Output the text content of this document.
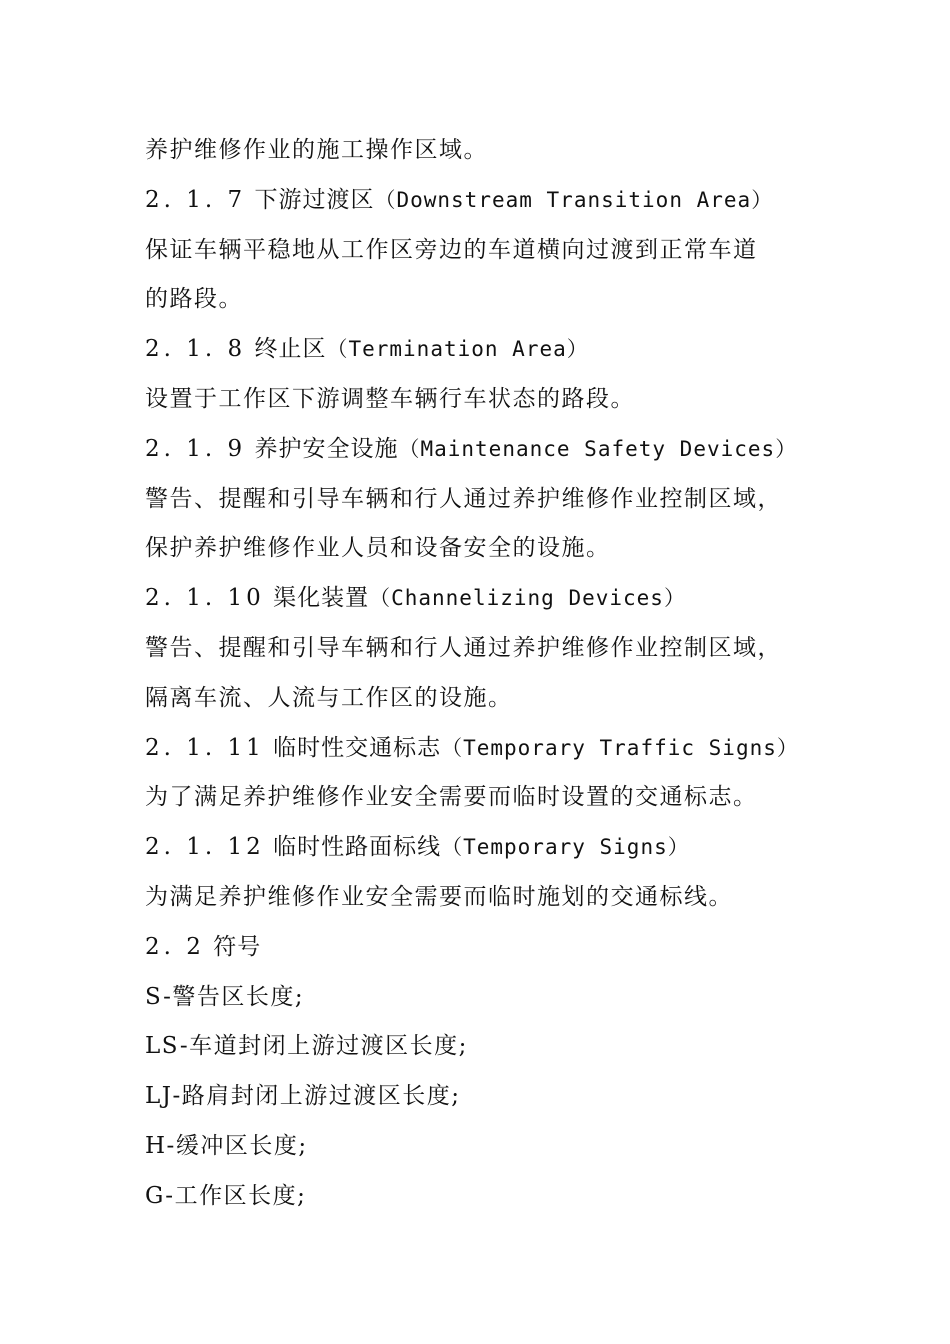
养护维修作业的施工操作区域。
2. 1. 7 下游过渡区（Downstream Transition Area）
保证车辆平稳地从工作区旁边的车道横向过渡到正常车道
的路段。
2. 1. 8 终止区（Termination Area）
设置于工作区下游调整车辆行车状态的路段。
2. 1. 9 养护安全设施（Maintenance Safety Devices）
警告、提醒和引导车辆和行人通过养护维修作业控制区域，
保护养护维修作业人员和设备安全的设施。
2. 1. 10 渠化装置（Channelizing Devices）
警告、提醒和引导车辆和行人通过养护维修作业控制区域，
隔离车流、人流与工作区的设施。
2. 1. 11 临时性交通标志（Temporary Traffic Signs）
为了满足养护维修作业安全需要而临时设置的交通标志。
2. 1. 12 临时性路面标线（Temporary Signs）
为满足养护维修作业安全需要而临时施划的交通标线。
2. 2 符号
S-警告区长度;
LS-车道封闭上游过渡区长度;
LJ-路肩封闭上游过渡区长度;
H-缓冲区长度;
G-工作区长度;
